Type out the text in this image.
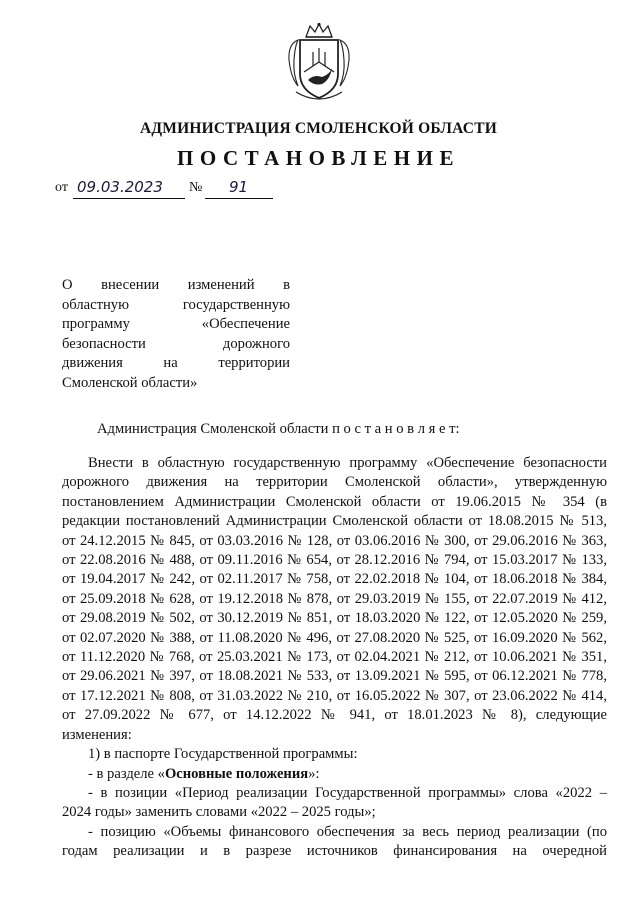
АДМИНИСТРАЦИЯ СМОЛЕНСКОЙ ОБЛАСТИ
ПОСТАНОВЛЕНИЕ
от 09.03.2023 № 91
О внесении изменений в
областную государственную
программу «Обеспечение
безопасности дорожного
движения на территории
Смоленской области»
Администрация Смоленской области п о с т а н о в л я е т:
Внести в областную государственную программу «Обеспечение безопасности
дорожного движения на территории Смоленской области», утвержденную
постановлением Администрации Смоленской области от 19.06.2015 № 354 (в
редакции постановлений Администрации Смоленской области от 18.08.2015 № 513,
от 24.12.2015 № 845, от 03.03.2016 № 128, от 03.06.2016 № 300, от 29.06.2016 № 363,
от 22.08.2016 № 488, от 09.11.2016 № 654, от 28.12.2016 № 794, от 15.03.2017 № 133,
от 19.04.2017 № 242, от 02.11.2017 № 758, от 22.02.2018 № 104, от 18.06.2018 № 384,
от 25.09.2018 № 628, от 19.12.2018 № 878, от 29.03.2019 № 155, от 22.07.2019 № 412,
от 29.08.2019 № 502, от 30.12.2019 № 851, от 18.03.2020 № 122, от 12.05.2020 № 259,
от 02.07.2020 № 388, от 11.08.2020 № 496, от 27.08.2020 № 525, от 16.09.2020 № 562,
от 11.12.2020 № 768, от 25.03.2021 № 173, от 02.04.2021 № 212, от 10.06.2021 № 351,
от 29.06.2021 № 397, от 18.08.2021 № 533, от 13.09.2021 № 595, от 06.12.2021 № 778,
от 17.12.2021 № 808, от 31.03.2022 № 210, от 16.05.2022 № 307, от 23.06.2022 № 414,
от 27.09.2022 № 677, от 14.12.2022 № 941, от 18.01.2023 № 8), следующие
изменения:
1) в паспорте Государственной программы:
- в разделе «Основные положения»:
- в позиции «Период реализации Государственной программы» слова «2022 –
2024 годы» заменить словами «2022 – 2025 годы»;
- позицию «Объемы финансового обеспечения за весь период реализации (по
годам реализации и в разрезе источников финансирования на очередной
